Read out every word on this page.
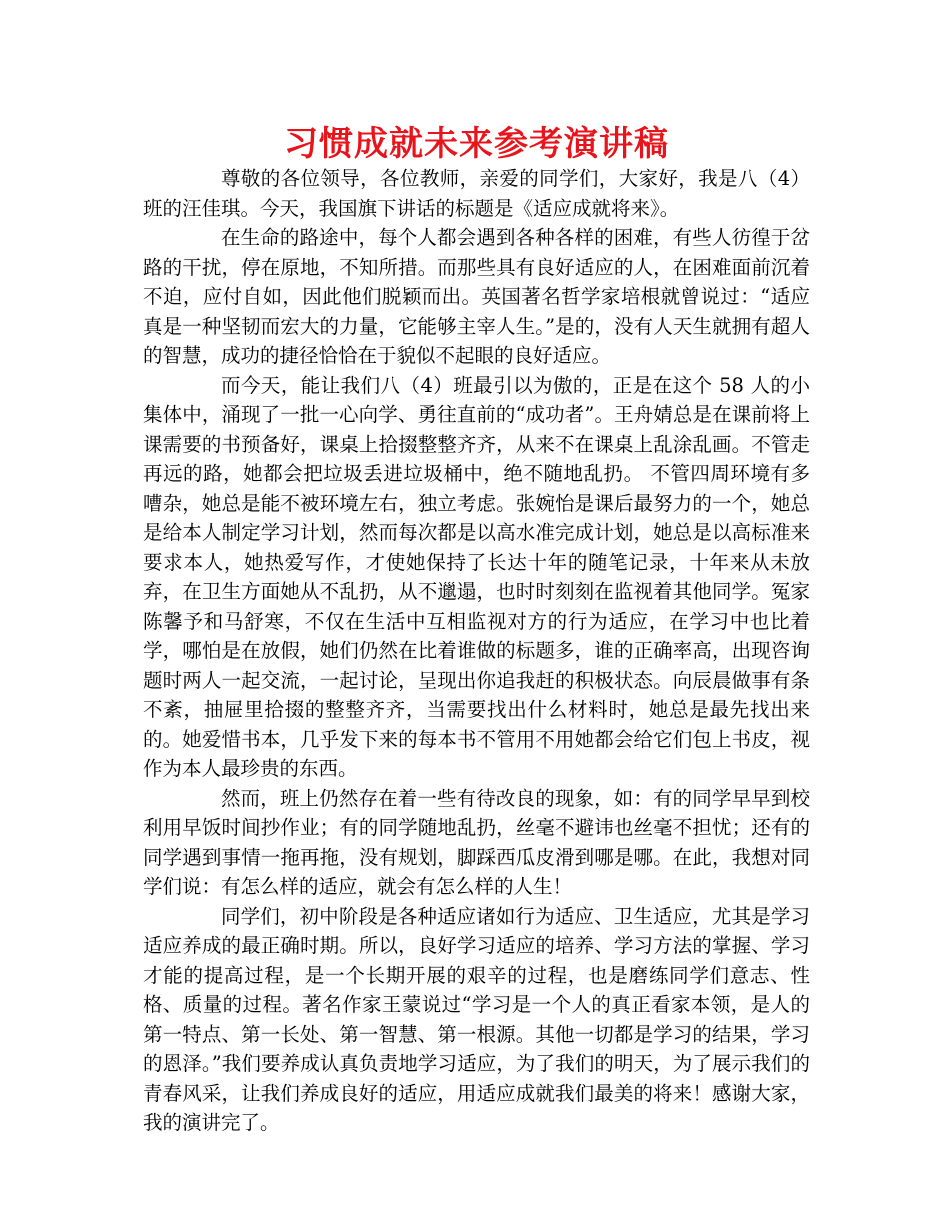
习惯成就未来参考演讲稿

尊敬的各位领导，各位教师，亲爱的同学们，大家好，我是八（4）班的汪佳琪。今天，我国旗下讲话的标题是《适应成就将来》。

在生命的路途中，每个人都会遇到各种各样的困难，有些人彷徨于岔路的干扰，停在原地，不知所措。而那些具有良好适应的人，在困难面前沉着不迫，应付自如，因此他们脱颖而出。英国著名哲学家培根就曾说过：“适应真是一种坚韧而宏大的力量，它能够主宰人生。”是的，没有人天生就拥有超人的智慧，成功的捷径恰恰在于貌似不起眼的良好适应。

而今天，能让我们八（4）班最引以为傲的，正是在这个 58 人的小集体中，涌现了一批一心向学、勇往直前的“成功者”。王舟婧总是在课前将上课需要的书预备好，课桌上拾掇整整齐齐，从来不在课桌上乱涂乱画。不管走再远的路，她都会把垃圾丢进垃圾桶中，绝不随地乱扔。 不管四周环境有多嘈杂，她总是能不被环境左右，独立考虑。张婉怡是课后最努力的一个，她总是给本人制定学习计划，然而每次都是以高水准完成计划，她总是以高标准来要求本人，她热爱写作，才使她保持了长达十年的随笔记录，十年来从未放弃，在卫生方面她从不乱扔，从不邋遢，也时时刻刻在监视着其他同学。冤家陈馨予和马舒寒，不仅在生活中互相监视对方的行为适应，在学习中也比着学，哪怕是在放假，她们仍然在比着谁做的标题多，谁的正确率高，出现咨询题时两人一起交流，一起讨论，呈现出你追我赶的积极状态。向辰晨做事有条不紊，抽屉里拾掇的整整齐齐，当需要找出什么材料时，她总是最先找出来的。她爱惜书本，几乎发下来的每本书不管用不用她都会给它们包上书皮，视作为本人最珍贵的东西。

然而，班上仍然存在着一些有待改良的现象，如：有的同学早早到校利用早饭时间抄作业；有的同学随地乱扔，丝毫不避讳也丝毫不担忧；还有的同学遇到事情一拖再拖，没有规划，脚踩西瓜皮滑到哪是哪。在此，我想对同学们说：有怎么样的适应，就会有怎么样的人生！

同学们，初中阶段是各种适应诸如行为适应、卫生适应，尤其是学习适应养成的最正确时期。所以，良好学习适应的培养、学习方法的掌握、学习才能的提高过程，是一个长期开展的艰辛的过程，也是磨练同学们意志、性格、质量的过程。著名作家王蒙说过“学习是一个人的真正看家本领，是人的第一特点、第一长处、第一智慧、第一根源。其他一切都是学习的结果，学习的恩泽。”我们要养成认真负责地学习适应，为了我们的明天，为了展示我们的青春风采，让我们养成良好的适应，用适应成就我们最美的将来！感谢大家，我的演讲完了。
